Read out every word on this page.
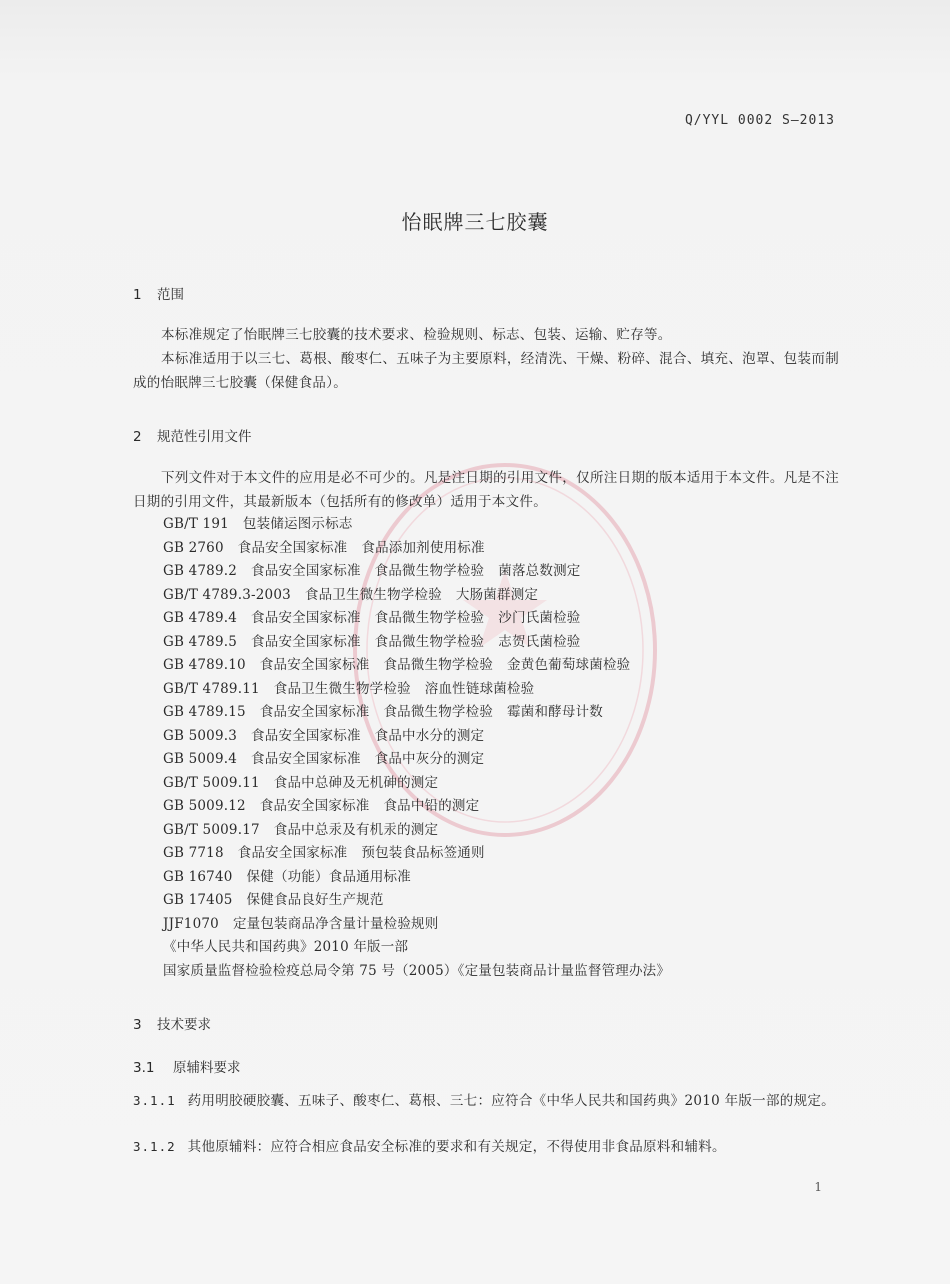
Q/YYL 0002 S—2013
怡眠牌三七胶囊
1 范围
本标准规定了怡眠牌三七胶囊的技术要求、检验规则、标志、包装、运输、贮存等。
本标准适用于以三七、葛根、酸枣仁、五味子为主要原料，经清洗、干燥、粉碎、混合、填充、泡罩、包装而制成的怡眠牌三七胶囊（保健食品）。
2 规范性引用文件
下列文件对于本文件的应用是必不可少的。凡是注日期的引用文件，仅所注日期的版本适用于本文件。凡是不注日期的引用文件，其最新版本（包括所有的修改单）适用于本文件。
GB/T 191 包装储运图示标志
GB 2760 食品安全国家标准 食品添加剂使用标准
GB 4789.2 食品安全国家标准 食品微生物学检验 菌落总数测定
GB/T 4789.3-2003 食品卫生微生物学检验 大肠菌群测定
GB 4789.4 食品安全国家标准 食品微生物学检验 沙门氏菌检验
GB 4789.5 食品安全国家标准 食品微生物学检验 志贺氏菌检验
GB 4789.10 食品安全国家标准 食品微生物学检验 金黄色葡萄球菌检验
GB/T 4789.11 食品卫生微生物学检验 溶血性链球菌检验
GB 4789.15 食品安全国家标准 食品微生物学检验 霉菌和酵母计数
GB 5009.3 食品安全国家标准 食品中水分的测定
GB 5009.4 食品安全国家标准 食品中灰分的测定
GB/T 5009.11 食品中总砷及无机砷的测定
GB 5009.12 食品安全国家标准 食品中铅的测定
GB/T 5009.17 食品中总汞及有机汞的测定
GB 7718 食品安全国家标准 预包装食品标签通则
GB 16740 保健（功能）食品通用标准
GB 17405 保健食品良好生产规范
JJF1070 定量包装商品净含量计量检验规则
《中华人民共和国药典》2010 年版一部
国家质量监督检验检疫总局令第 75 号（2005）《定量包装商品计量监督管理办法》
3 技术要求
3.1 原辅料要求
3.1.1 药用明胶硬胶囊、五味子、酸枣仁、葛根、三七：应符合《中华人民共和国药典》2010 年版一部的规定。
3.1.2 其他原辅料：应符合相应食品安全标准的要求和有关规定，不得使用非食品原料和辅料。
1
